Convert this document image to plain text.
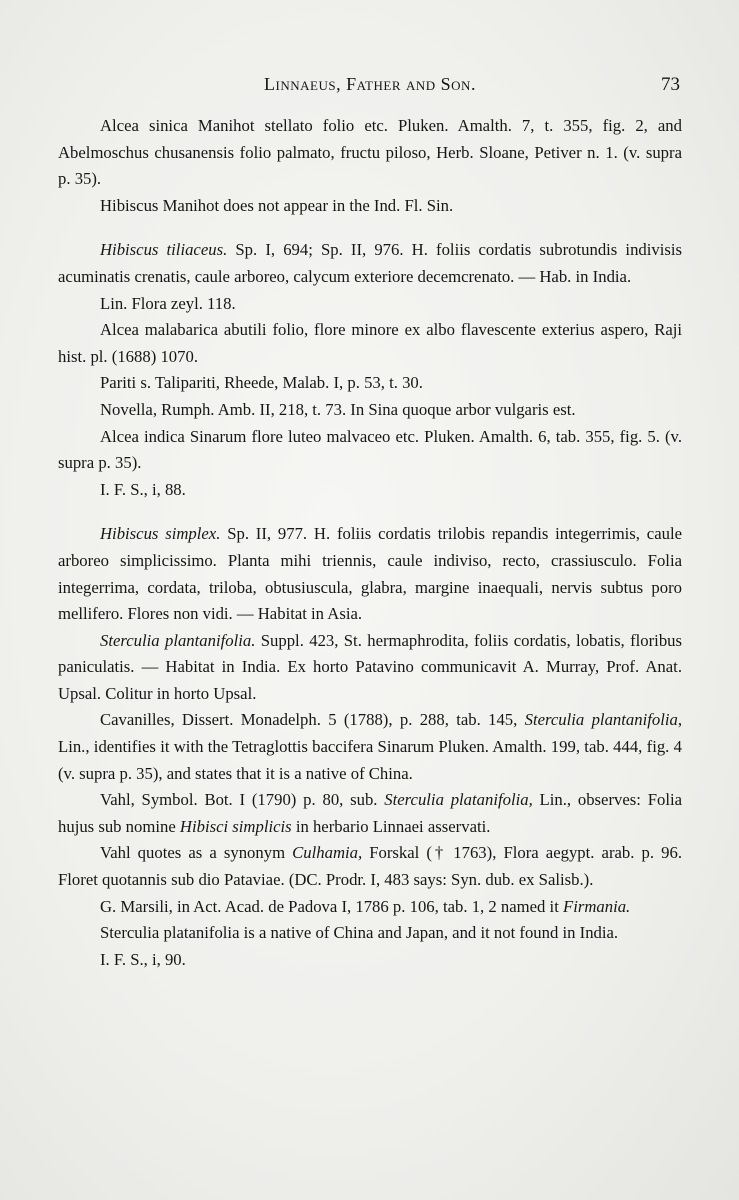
Linnaeus, Father and Son.	73

Alcea sinica Manihot stellato folio etc. Pluken. Amalth. 7, t. 355, fig. 2, and Abelmoschus chusanensis folio palmato, fructu piloso, Herb. Sloane, Petiver n. 1. (v. supra p. 35).

Hibiscus Manihot does not appear in the Ind. Fl. Sin.

Hibiscus tiliaceus. Sp. I, 694; Sp. II, 976. H. foliis cordatis subrotundis indivisis acuminatis crenatis, caule arboreo, calycum exteriore decemcrenato. — Hab. in India.

Lin. Flora zeyl. 118.

Alcea malabarica abutili folio, flore minore ex albo flavescente exterius aspero, Raji hist. pl. (1688) 1070.

Pariti s. Talipariti, Rheede, Malab. I, p. 53, t. 30.

Novella, Rumph. Amb. II, 218, t. 73. In Sina quoque arbor vulgaris est.

Alcea indica Sinarum flore luteo malvaceo etc. Pluken. Amalth. 6, tab. 355, fig. 5. (v. supra p. 35).

I. F. S., i, 88.

Hibiscus simplex. Sp. II, 977. H. foliis cordatis trilobis repandis integerrimis, caule arboreo simplicissimo. Planta mihi triennis, caule indiviso, recto, crassiusculo. Folia integerrima, cordata, triloba, obtusiuscula, glabra, margine inaequali, nervis subtus poro mellifero. Flores non vidi. — Habitat in Asia.

Sterculia plantanifolia. Suppl. 423, St. hermaphrodita, foliis cordatis, lobatis, floribus paniculatis. — Habitat in India. Ex horto Patavino communicavit A. Murray, Prof. Anat. Upsal. Colitur in horto Upsal.

Cavanilles, Dissert. Monadelph. 5 (1788), p. 288, tab. 145, Sterculia plantanifolia, Lin., identifies it with the Tetraglottis baccifera Sinarum Pluken. Amalth. 199, tab. 444, fig. 4 (v. supra p. 35), and states that it is a native of China.

Vahl, Symbol. Bot. I (1790) p. 80, sub. Sterculia platanifolia, Lin., observes: Folia hujus sub nomine Hibisci simplicis in herbario Linnaei asservati.

Vahl quotes as a synonym Culhamia, Forskal († 1763), Flora aegypt. arab. p. 96. Floret quotannis sub dio Pataviae. (DC. Prodr. I, 483 says: Syn. dub. ex Salisb.).

G. Marsili, in Act. Acad. de Padova I, 1786 p. 106, tab. 1, 2 named it Firmania.

Sterculia platanifolia is a native of China and Japan, and it not found in India.

I. F. S., i, 90.
